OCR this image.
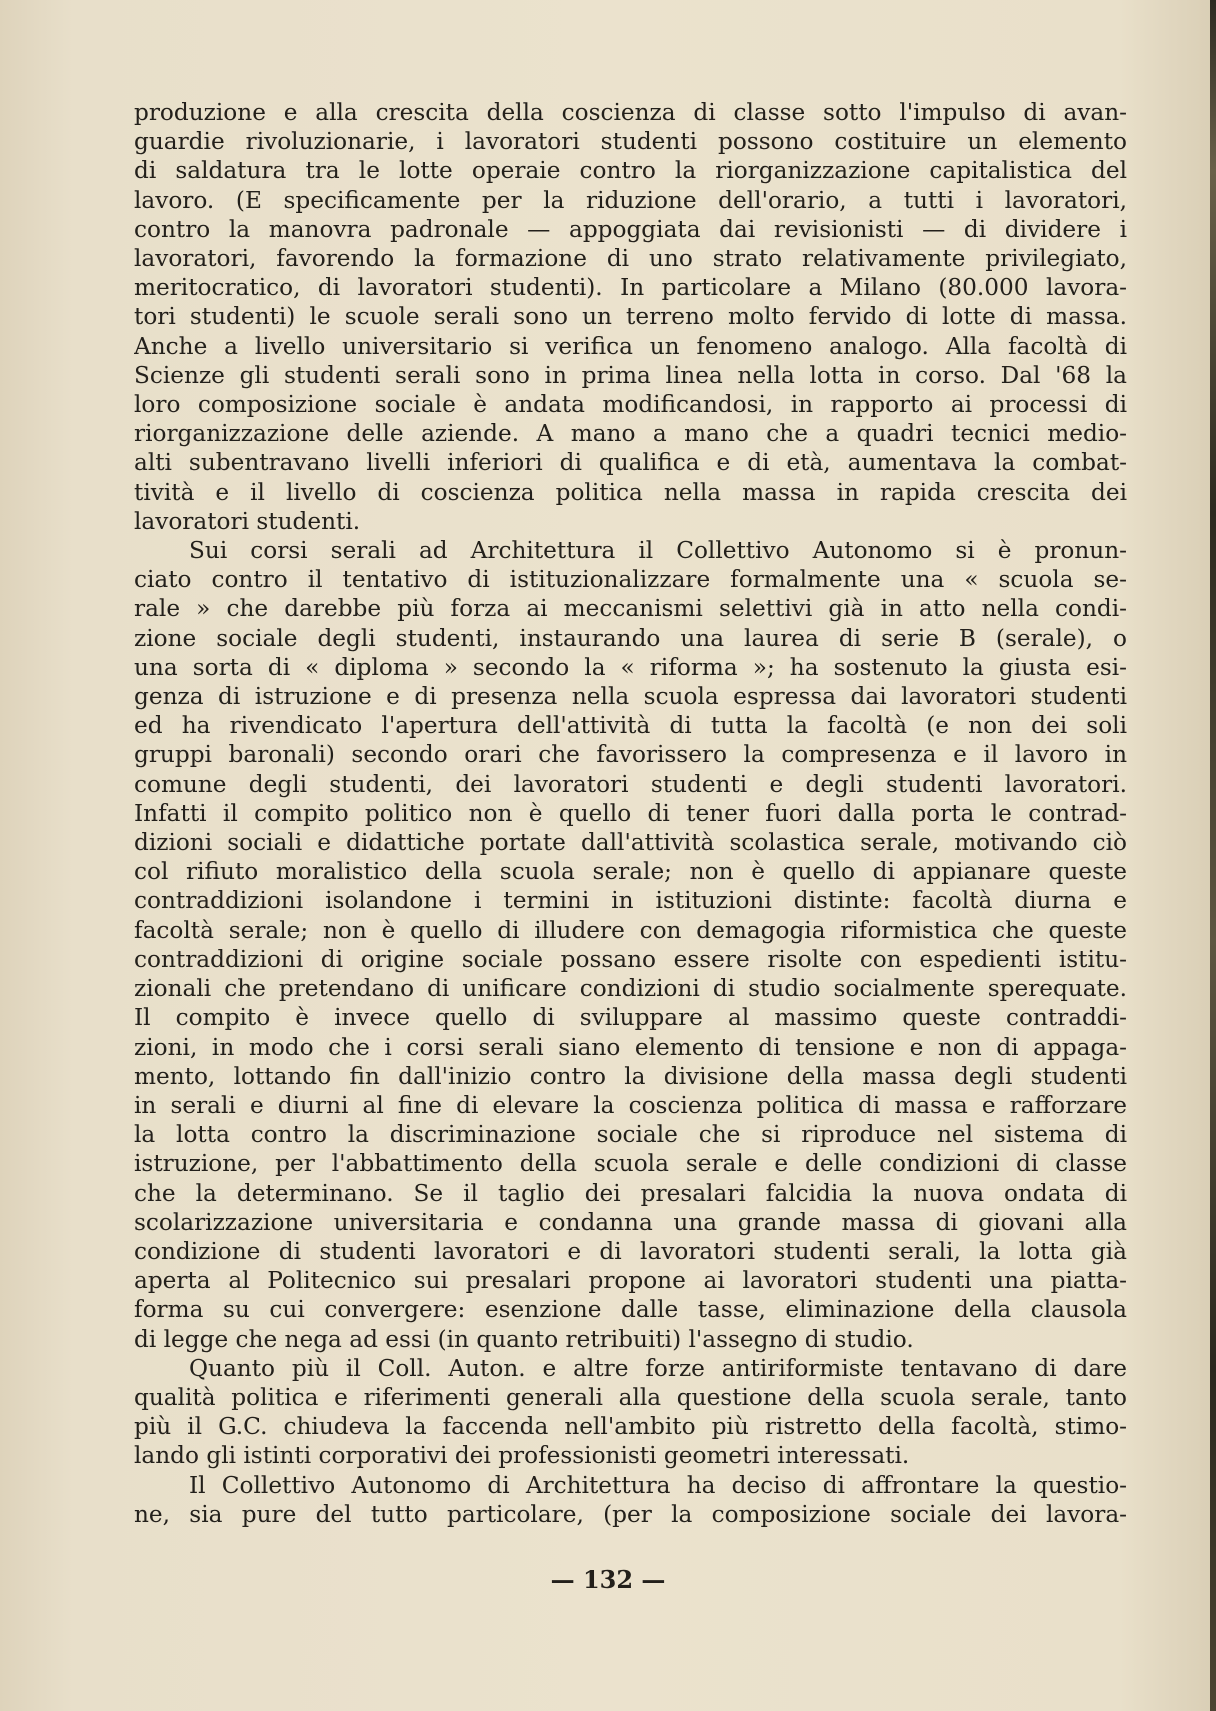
produzione e alla crescita della coscienza di classe sotto l'impulso di avan-
guardie rivoluzionarie, i lavoratori studenti possono costituire un elemento
di saldatura tra le lotte operaie contro la riorganizzazione capitalistica del
lavoro. (E specificamente per la riduzione dell'orario, a tutti i lavoratori,
contro la manovra padronale — appoggiata dai revisionisti — di dividere i
lavoratori, favorendo la formazione di uno strato relativamente privilegiato,
meritocratico, di lavoratori studenti). In particolare a Milano (80.000 lavora-
tori studenti) le scuole serali sono un terreno molto fervido di lotte di massa.
Anche a livello universitario si verifica un fenomeno analogo. Alla facoltà di
Scienze gli studenti serali sono in prima linea nella lotta in corso. Dal '68 la
loro composizione sociale è andata modificandosi, in rapporto ai processi di
riorganizzazione delle aziende. A mano a mano che a quadri tecnici medio-
alti subentravano livelli inferiori di qualifica e di età, aumentava la combat-
tività e il livello di coscienza politica nella massa in rapida crescita dei
lavoratori studenti.
Sui corsi serali ad Architettura il Collettivo Autonomo si è pronun-
ciato contro il tentativo di istituzionalizzare formalmente una « scuola se-
rale » che darebbe più forza ai meccanismi selettivi già in atto nella condi-
zione sociale degli studenti, instaurando una laurea di serie B (serale), o
una sorta di « diploma » secondo la « riforma »; ha sostenuto la giusta esi-
genza di istruzione e di presenza nella scuola espressa dai lavoratori studenti
ed ha rivendicato l'apertura dell'attività di tutta la facoltà (e non dei soli
gruppi baronali) secondo orari che favorissero la compresenza e il lavoro in
comune degli studenti, dei lavoratori studenti e degli studenti lavoratori.
Infatti il compito politico non è quello di tener fuori dalla porta le contrad-
dizioni sociali e didattiche portate dall'attività scolastica serale, motivando ciò
col rifiuto moralistico della scuola serale; non è quello di appianare queste
contraddizioni isolandone i termini in istituzioni distinte: facoltà diurna e
facoltà serale; non è quello di illudere con demagogia riformistica che queste
contraddizioni di origine sociale possano essere risolte con espedienti istitu-
zionali che pretendano di unificare condizioni di studio socialmente sperequate.
Il compito è invece quello di sviluppare al massimo queste contraddi-
zioni, in modo che i corsi serali siano elemento di tensione e non di appaga-
mento, lottando fin dall'inizio contro la divisione della massa degli studenti
in serali e diurni al fine di elevare la coscienza politica di massa e rafforzare
la lotta contro la discriminazione sociale che si riproduce nel sistema di
istruzione, per l'abbattimento della scuola serale e delle condizioni di classe
che la determinano. Se il taglio dei presalari falcidia la nuova ondata di
scolarizzazione universitaria e condanna una grande massa di giovani alla
condizione di studenti lavoratori e di lavoratori studenti serali, la lotta già
aperta al Politecnico sui presalari propone ai lavoratori studenti una piatta-
forma su cui convergere: esenzione dalle tasse, eliminazione della clausola
di legge che nega ad essi (in quanto retribuiti) l'assegno di studio.
Quanto più il Coll. Auton. e altre forze antiriformiste tentavano di dare
qualità politica e riferimenti generali alla questione della scuola serale, tanto
più il G.C. chiudeva la faccenda nell'ambito più ristretto della facoltà, stimo-
lando gli istinti corporativi dei professionisti geometri interessati.
Il Collettivo Autonomo di Architettura ha deciso di affrontare la questio-
ne, sia pure del tutto particolare, (per la composizione sociale dei lavora-
— 132 —
